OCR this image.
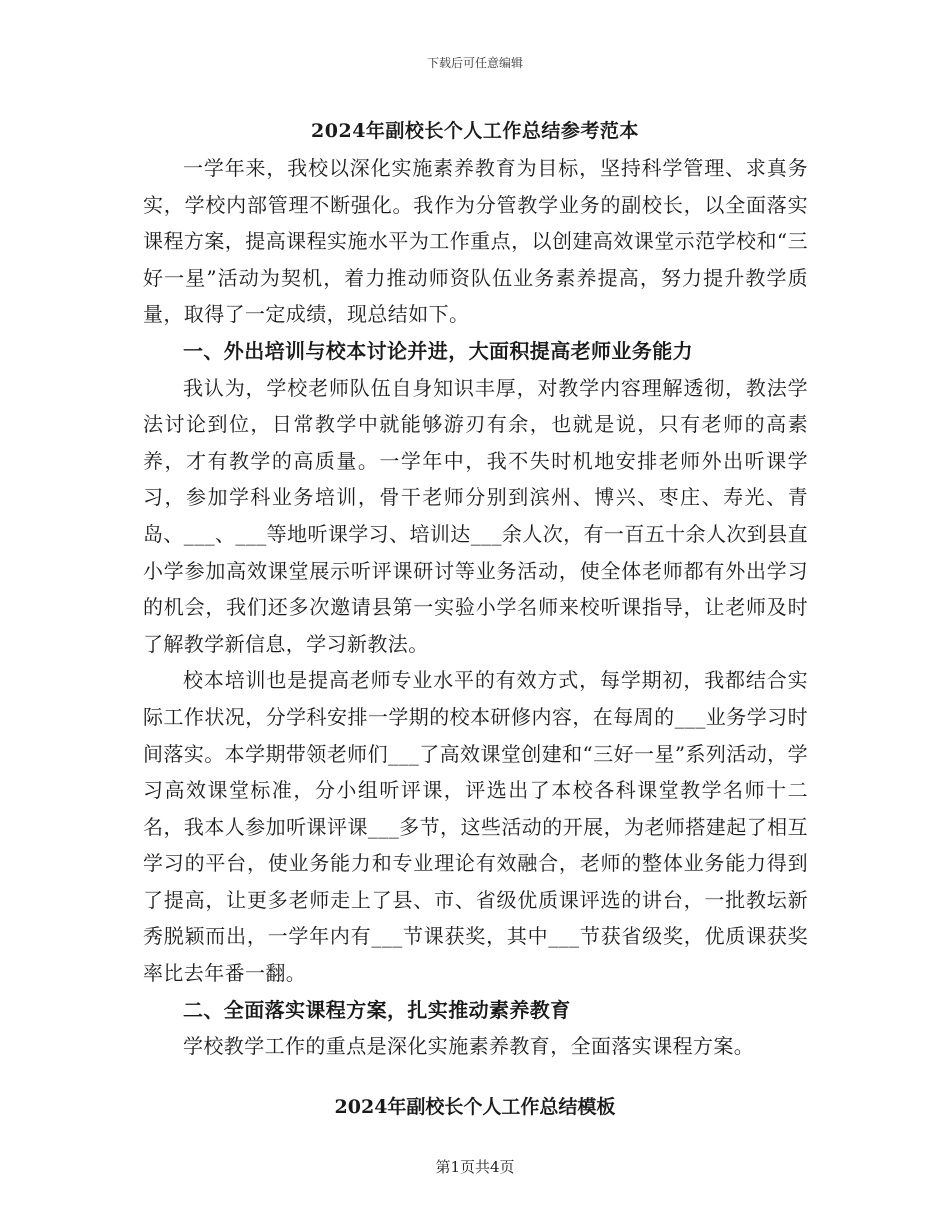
下载后可任意编辑
2024年副校长个人工作总结参考范本

一学年来，我校以深化实施素养教育为目标，坚持科学管理、求真务实，学校内部管理不断强化。我作为分管教学业务的副校长，以全面落实课程方案，提高课程实施水平为工作重点，以创建高效课堂示范学校和“三好一星”活动为契机，着力推动师资队伍业务素养提高，努力提升教学质量，取得了一定成绩，现总结如下。

一、外出培训与校本讨论并进，大面积提高老师业务能力

我认为，学校老师队伍自身知识丰厚，对教学内容理解透彻，教法学法讨论到位，日常教学中就能够游刃有余，也就是说，只有老师的高素养，才有教学的高质量。一学年中，我不失时机地安排老师外出听课学习，参加学科业务培训，骨干老师分别到滨州、博兴、枣庄、寿光、青岛、___、___等地听课学习、培训达___余人次，有一百五十余人次到县直小学参加高效课堂展示听评课研讨等业务活动，使全体老师都有外出学习的机会，我们还多次邀请县第一实验小学名师来校听课指导，让老师及时了解教学新信息，学习新教法。

校本培训也是提高老师专业水平的有效方式，每学期初，我都结合实际工作状况，分学科安排一学期的校本研修内容，在每周的___业务学习时间落实。本学期带领老师们___了高效课堂创建和“三好一星”系列活动，学习高效课堂标准，分小组听评课，评选出了本校各科课堂教学名师十二名，我本人参加听课评课___多节，这些活动的开展，为老师搭建起了相互学习的平台，使业务能力和专业理论有效融合，老师的整体业务能力得到了提高，让更多老师走上了县、市、省级优质课评选的讲台，一批教坛新秀脱颖而出，一学年内有___节课获奖，其中___节获省级奖，优质课获奖率比去年番一翻。

二、全面落实课程方案，扎实推动素养教育

学校教学工作的重点是深化实施素养教育，全面落实课程方案。

2024年副校长个人工作总结模板
第1页共4页
